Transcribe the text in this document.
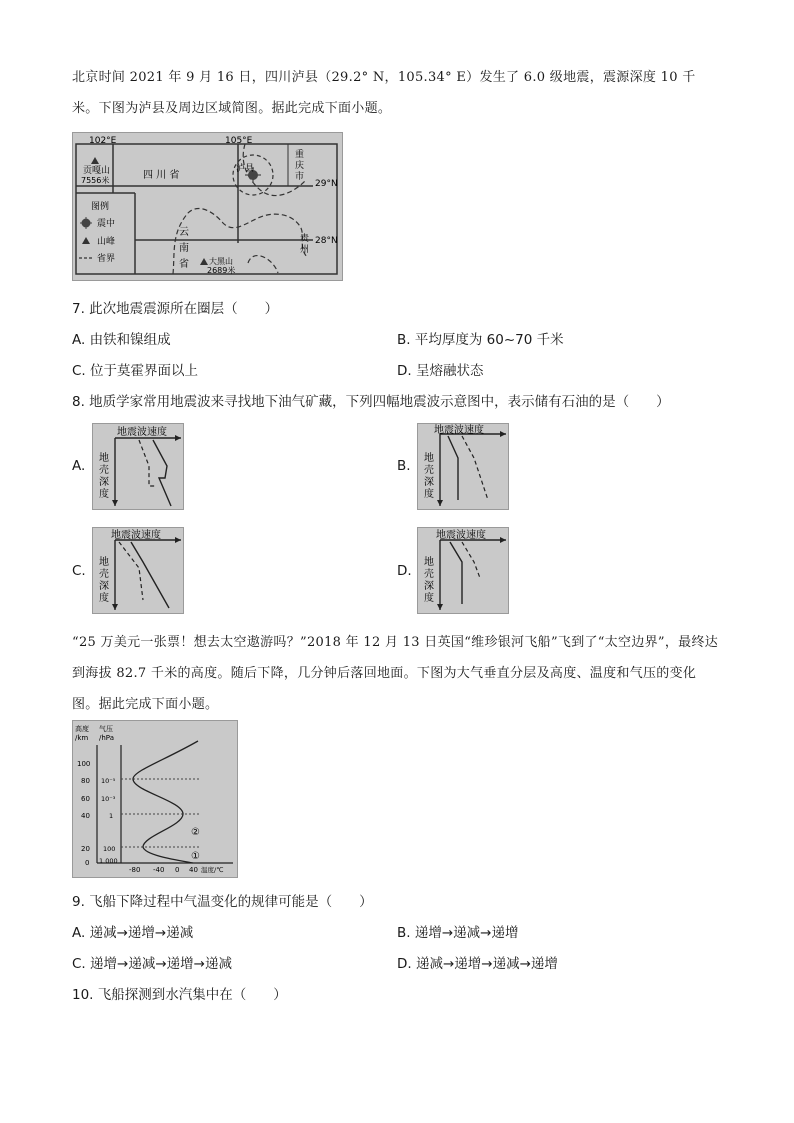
北京时间 2021 年 9 月 16 日，四川泸县（29.2° N，105.34° E）发生了 6.0 级地震，震源深度 10 千米。下图为泸县及周边区域简图。据此完成下面小题。
102°E	105°E
29°N
28°N
贡嘎山
7556米	四 川 省
泸县
重
庆
市
云
南
省
贵
州
大黑山
2689米
图例
震中
山峰
省界
7. 此次地震震源所在圈层（　　）
A. 由铁和镍组成	B. 平均厚度为 60~70 千米
C. 位于莫霍界面以上	D. 呈熔融状态
8. 地质学家常用地震波来寻找地下油气矿藏，下列四幅地震波示意图中，表示储有石油的是（　　）
A.
地震波速度
地
壳
深
度
B.
地震波速度
地
壳
深
度
C.
地震波速度
地
壳
深
度
D.
地震波速度
地
壳
深
度
“25 万美元一张票！想去太空遨游吗？”2018 年 12 月 13 日英国“维珍银河飞船”飞到了“太空边界”，最终达到海拔 82.7 千米的高度。随后下降，几分钟后落回地面。下图为大气垂直分层及高度、温度和气压的变化图。据此完成下面小题。
高度
/km
气压
/hPa
100
80
60
40
20
0
10⁻⁵
10⁻³
1
100
1 000
-80 -40 0 40 温度/℃
②
①
9. 飞船下降过程中气温变化的规律可能是（　　）
A. 递减→递增→递减	B. 递增→递减→递增
C. 递增→递减→递增→递减	D. 递减→递增→递减→递增
10. 飞船探测到水汽集中在（　　）
